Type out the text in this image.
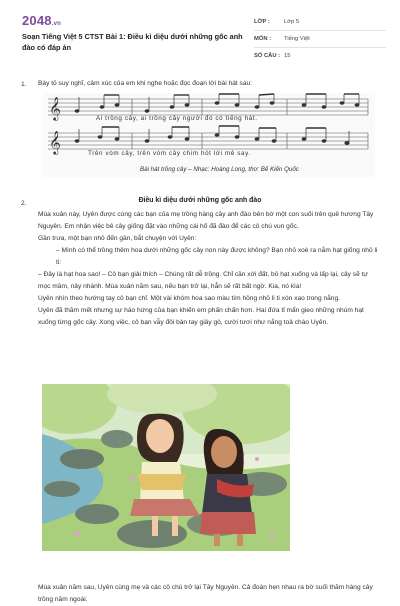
2048.vn
Soạn Tiếng Việt 5 CTST Bài 1: Điều kì diệu dưới những gốc anh đào có đáp án
LỚP :	Lớp 5
MÔN :	Tiếng Việt
SỐ CÂU : 15
1. Bày tỏ suy nghĩ, cảm xúc của em khi nghe hoặc đọc đoạn lời bài hát sau:
𝄞
𝄞
Ai trồng cây, ai trồng cây người đó có tiếng hát.
Trên vòm cây, trên vòm cây chim hót lời mê say.
Bài hát trồng cây – Nhạc: Hoàng Long, thơ: Bế Kiến Quốc
2.	Điều kì diệu dưới những gốc anh đào

Mùa xuân này, Uyên được cùng các bạn của mẹ trồng hàng cây anh đào bên bờ một con suối trên quê hương Tây Nguyên. Em nhận việc bê cây giống đặt vào những cái hố đã đào để các cô chú vun gốc.

Gần trưa, một bạn nhỏ đến gần, bắt chuyện với Uyên:

– Mình có thể trồng thêm hoa dưới những gốc cây non này được không? Bạn nhỏ xoè ra nắm hạt giống nhỏ li ti:

– Đây là hạt hoa sao! – Cô bạn giải thích – Chúng rất dễ trồng. Chỉ cần xới đất, bỏ hạt xuống và lấp lại, cây sẽ tự mọc mầm, nảy nhánh. Mùa xuân năm sau, nếu bạn trở lại, hẳn sẽ rất bất ngờ. Kia, nó kìa!

Uyên nhìn theo hướng tay cô bạn chỉ. Một vài khóm hoa sao màu tím hồng nhỏ li ti xòn xao trong nắng.

Uyên đã thầm mết nhưng sự háo hứng của bạn khiến em phấn chấn hơn. Hai đứa tỉ mẩn gieo những nhúm hạt xuống từng gốc cây. Xong việc, cô bạn vẫy đôi bàn tay giây gò, cười tươi như nắng toả chào Uyên.

Mùa xuân năm sau, Uyên cùng mẹ và các cô chú trở lại Tây Nguyên. Cả đoàn hẹn nhau ra bờ suối thăm hàng cây trồng năm ngoái.
